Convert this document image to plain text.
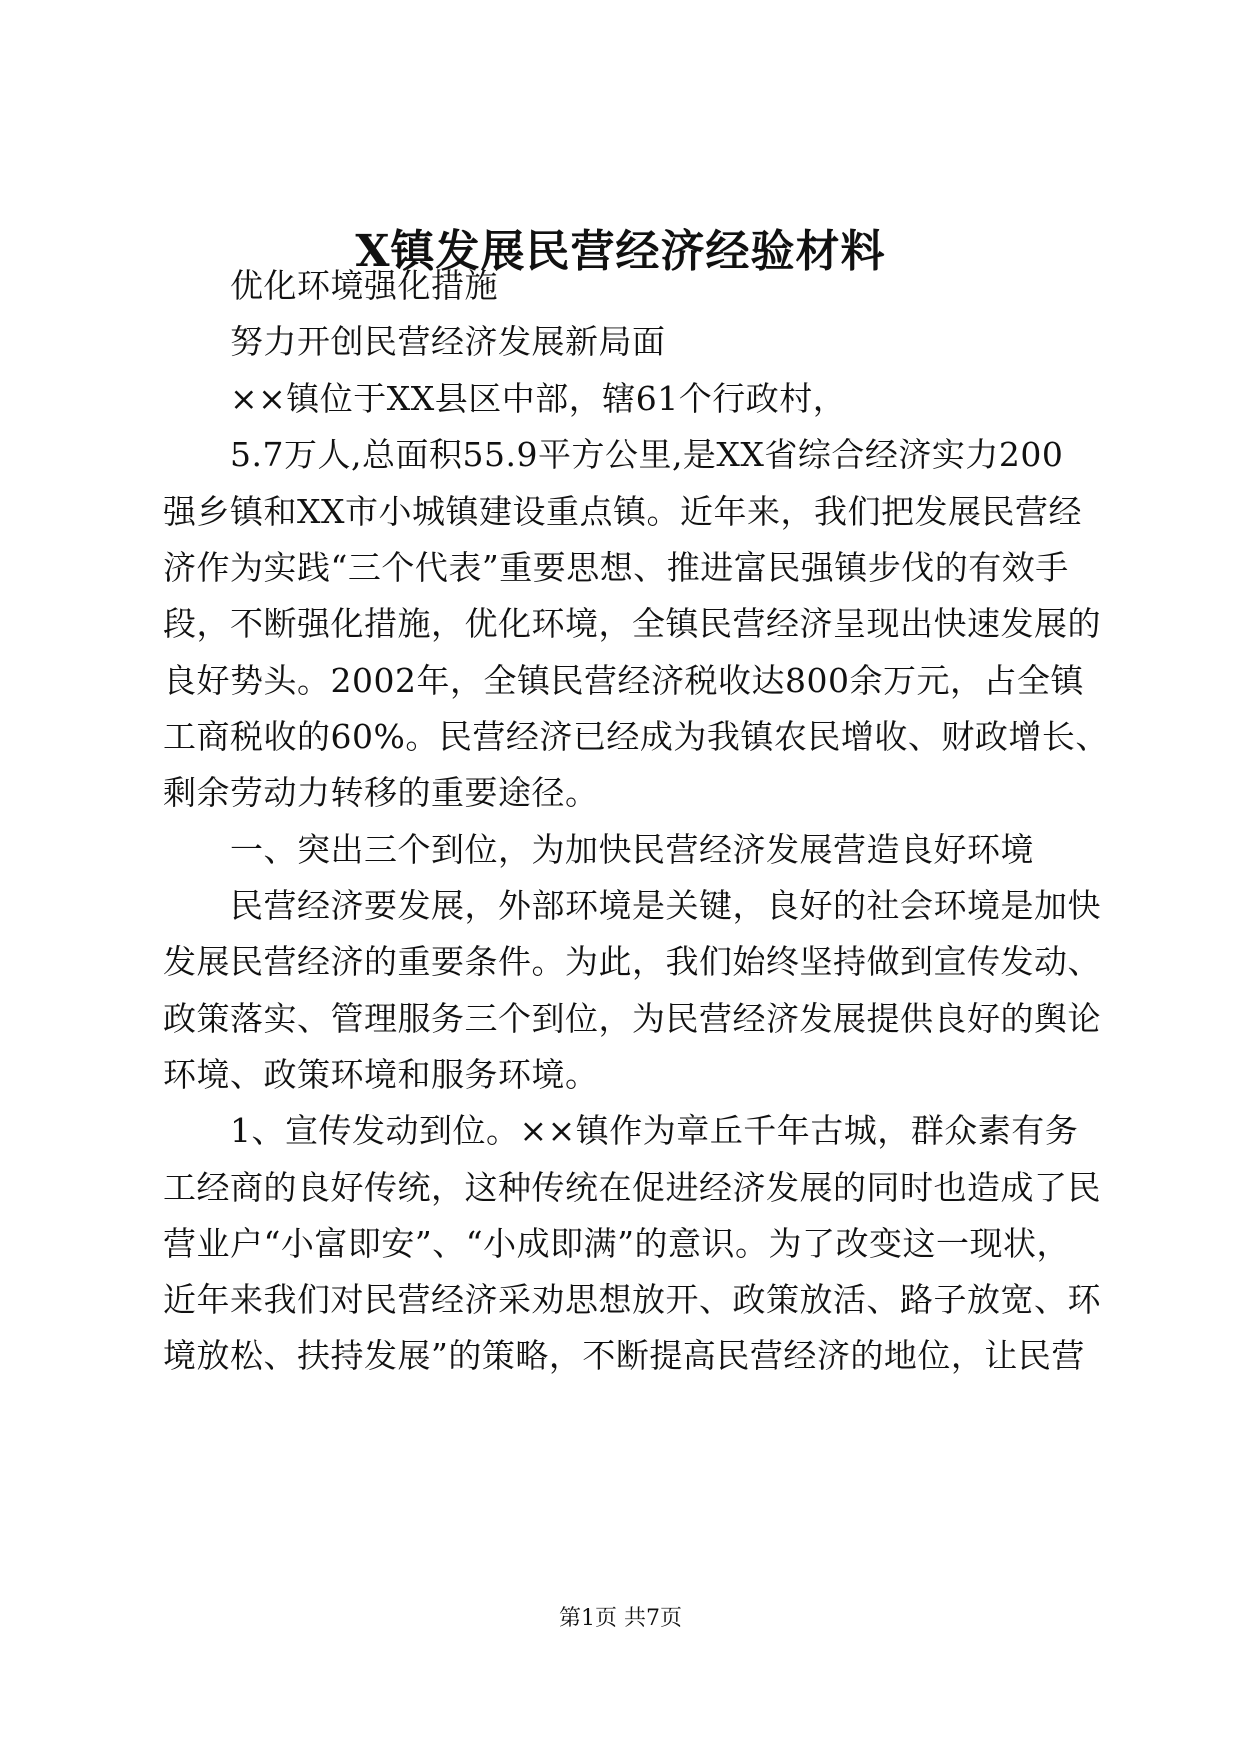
X镇发展民营经济经验材料
优化环境强化措施
努力开创民营经济发展新局面
××镇位于XX县区中部，辖61个行政村，
5.7万人,总面积55.9平方公里,是XX省综合经济实力200
强乡镇和XX市小城镇建设重点镇。近年来，我们把发展民营经
济作为实践“三个代表”重要思想、推进富民强镇步伐的有效手
段，不断强化措施，优化环境，全镇民营经济呈现出快速发展的
良好势头。2002年，全镇民营经济税收达800余万元，占全镇
工商税收的60%。民营经济已经成为我镇农民增收、财政增长、
剩余劳动力转移的重要途径。
一、突出三个到位，为加快民营经济发展营造良好环境
民营经济要发展，外部环境是关键，良好的社会环境是加快
发展民营经济的重要条件。为此，我们始终坚持做到宣传发动、
政策落实、管理服务三个到位，为民营经济发展提供良好的舆论
环境、政策环境和服务环境。
1、宣传发动到位。××镇作为章丘千年古城，群众素有务
工经商的良好传统，这种传统在促进经济发展的同时也造成了民
营业户“小富即安”、“小成即满”的意识。为了改变这一现状，
近年来我们对民营经济采劝思想放开、政策放活、路子放宽、环
境放松、扶持发展”的策略，不断提高民营经济的地位，让民营
第1页 共7页
